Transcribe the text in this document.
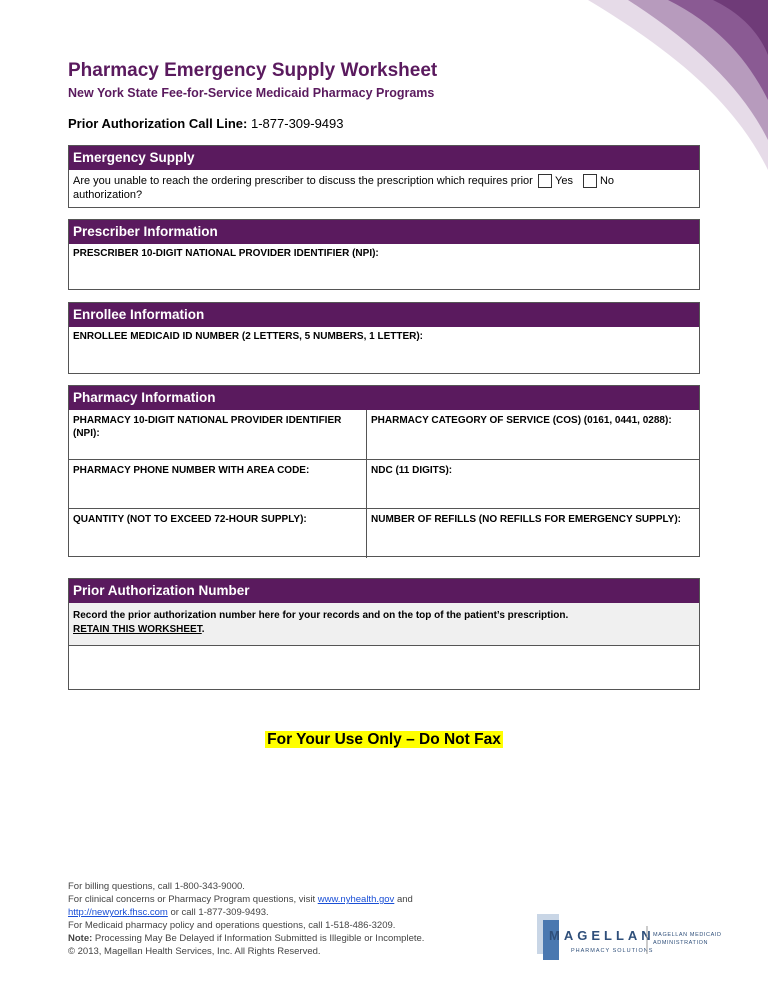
Pharmacy Emergency Supply Worksheet
New York State Fee-for-Service Medicaid Pharmacy Programs
Prior Authorization Call Line: 1-877-309-9493
Emergency Supply
Are you unable to reach the ordering prescriber to discuss the prescription which requires prior authorization?
Yes No
Prescriber Information
PRESCRIBER 10-DIGIT NATIONAL PROVIDER IDENTIFIER (NPI):
Enrollee Information
ENROLLEE MEDICAID ID NUMBER (2 LETTERS, 5 NUMBERS, 1 LETTER):
Pharmacy Information
PHARMACY 10-DIGIT NATIONAL PROVIDER IDENTIFIER (NPI):
PHARMACY CATEGORY OF SERVICE (COS) (0161, 0441, 0288):
PHARMACY PHONE NUMBER WITH AREA CODE:	NDC (11 DIGITS):
QUANTITY (NOT TO EXCEED 72-HOUR SUPPLY):	NUMBER OF REFILLS (NO REFILLS FOR EMERGENCY SUPPLY):
Prior Authorization Number
Record the prior authorization number here for your records and on the top of the patient’s prescription.
RETAIN THIS WORKSHEET.
For Your Use Only – Do Not Fax
For billing questions, call 1-800-343-9000.
For clinical concerns or Pharmacy Program questions, visit www.nyhealth.gov and
http://newyork.fhsc.com or call 1-877-309-9493.
For Medicaid pharmacy policy and operations questions, call 1-518-486-3209.
Note: Processing May Be Delayed if Information Submitted is Illegible or Incomplete.
© 2013, Magellan Health Services, Inc. All Rights Reserved.
MAGELLAN
PHARMACY SOLUTIONS
MAGELLAN MEDICAID
ADMINISTRATION
